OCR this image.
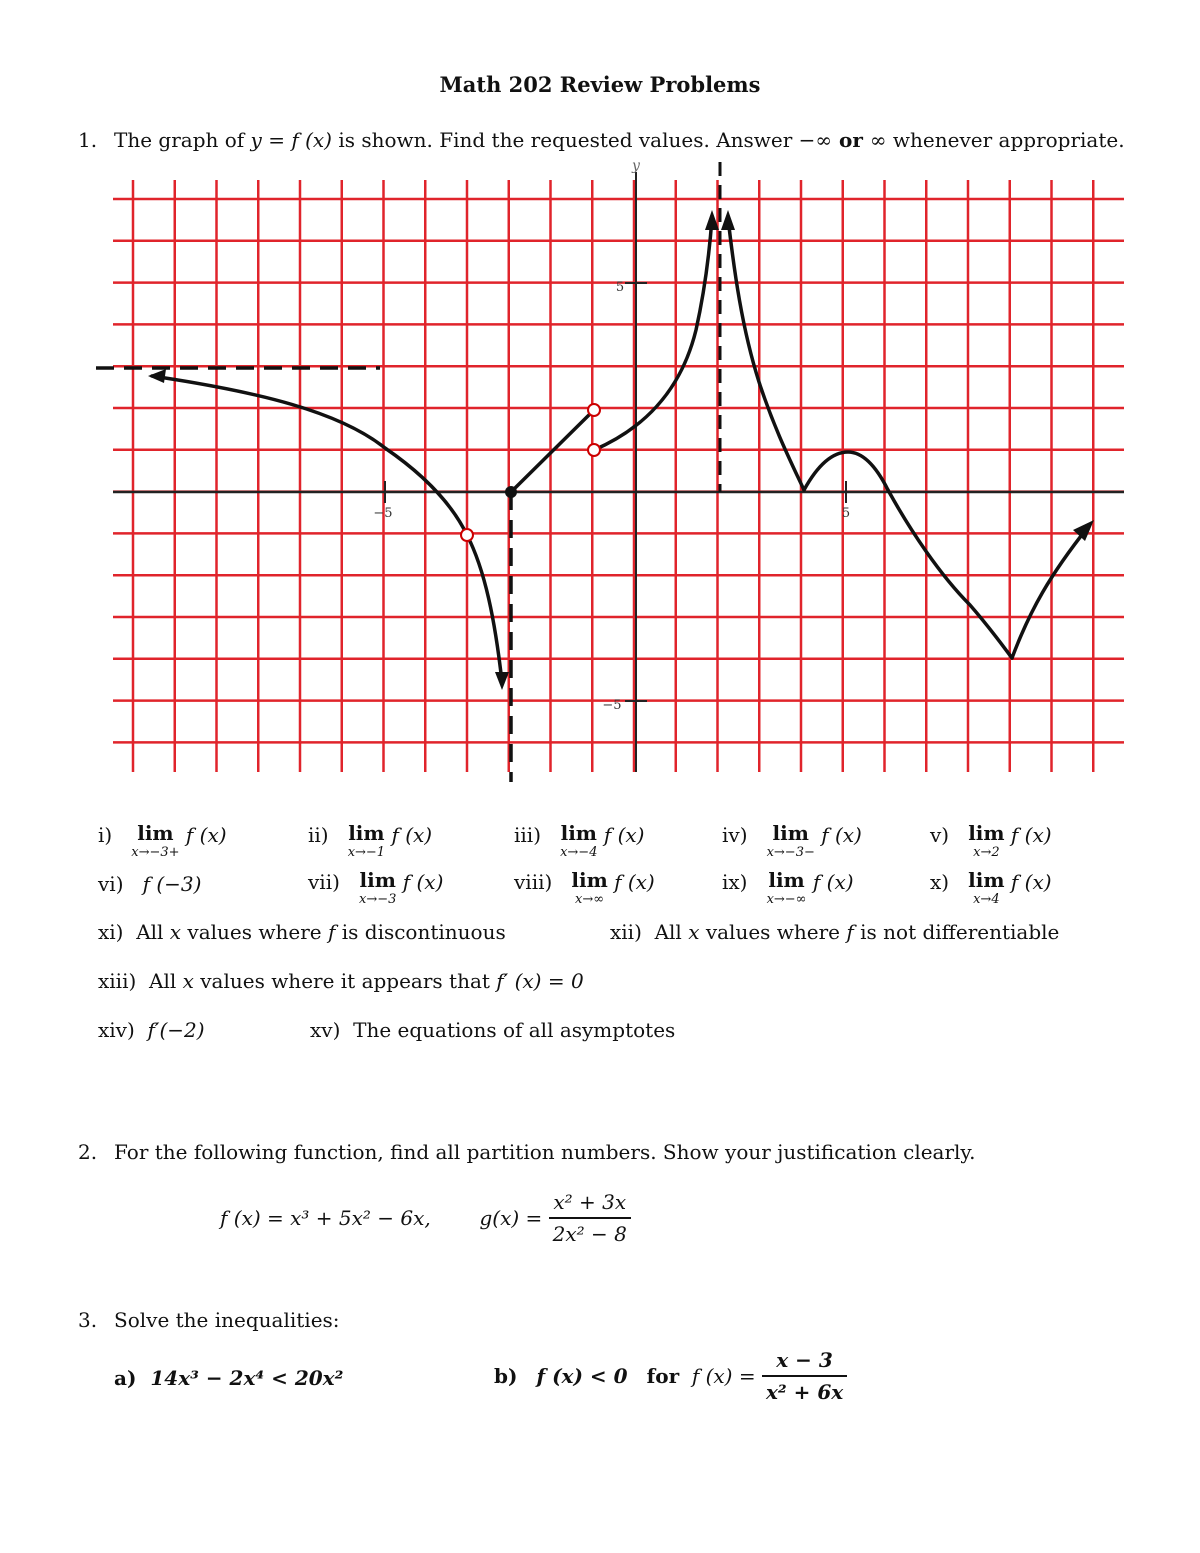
Math 202 Review Problems
1. The graph of y = f (x) is shown. Find the requested values. Answer −∞ or ∞ whenever appropriate.
−5	5
5
−5
y
i) lim
x→−3+
f (x)	ii) lim
x→−1
f (x)	iii) lim
x→−4
f (x)	iv) lim
x→−3−
f (x)	v) lim
x→2
f (x)
vi) f (−3)	vii) lim
x→−3
f (x)	viii) lim
x→∞
f (x)	ix) lim
x→−∞
f (x)	x) lim
x→4
f (x)
xi) All x values where f is discontinuous	xii) All x values where f is not differentiable
xiii) All x values where it appears that f′ (x) = 0
xiv) f′(−2)	xv) The equations of all asymptotes
2. For the following function, find all partition numbers. Show your justification clearly.
f (x) = x³ + 5x² − 6x, $g(x) = \frac{\text{x² + 3x}}{\text{2x² − 8}}$
3. Solve the inequalities:
a) 14x³ − 2x⁴ < 20x²	b) f (x) < 0 for f $(x) = \frac{x - 3}{\text{x² + 6x}}$
